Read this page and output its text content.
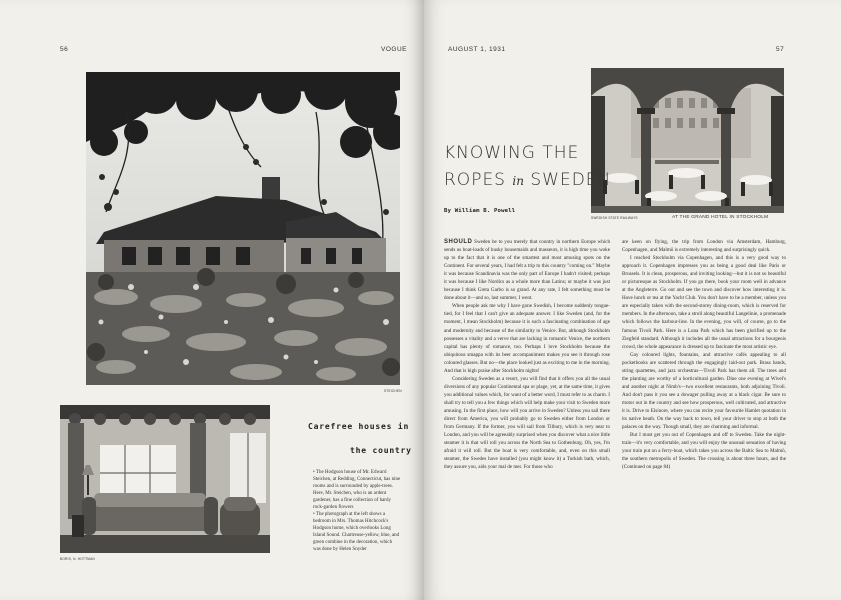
56	VOGUE
STEICHEN
BORIS, N. HOTTMAN
Carefree houses in
the country

• The Hodgson house of Mr. Edward Steichen, at Redding, Connecticut, has nine rooms and is surrounded by apple-trees. Here, Mr. Steichen, who is an ardent gardener, has a fine collection of hardy rock-garden flowers

• The photograph at the left shows a bedroom in Mrs. Thomas Hitchcock's Hodgson home, which overlooks Long Island Sound. Chartreuse-yellow, blue, and green combine in the decoration, which was done by Helen Snyder

AUGUST 1, 1931	57
SWEDISH STATE RAILWAYS	AT THE GRAND HOTEL IN STOCKHOLM
KNOWING THE
ROPES in SWEDEN
By William B. Powell

SHOULD Sweden be to you merely that country in northern Europe which sends us boat-loads of husky housemaids and masseurs, it is high time you woke up to the fact that it is one of the smartest and most amusing spots on the Continent. For several years, I had felt a trip to this country "coming on." Maybe it was because Scandinavia was the only part of Europe I hadn't visited; perhaps it was because I like Nordics as a whole more than Latins; or maybe it was just because I think Greta Garbo is so grand. At any rate, I felt something must be done about it—and so, last summer, I went.

When people ask me why I have gone Swedish, I become suddenly tongue-tied, for I feel that I can't give an adequate answer. I like Sweden (and, for the moment, I mean Stockholm) because it is such a fascinating combination of age and modernity and because of the similarity to Venice. But, although Stockholm possesses a vitality and a verve that are lacking in romantic Venice, the northern capital has plenty of romance, too. Perhaps I love Stockholm because the ubiquitous smappa with its beer accompaniment makes you see it through rose coloured glasses. But no—the place looked just as exciting to me in the morning. And that is high praise after Stockholm nights!

Considering Sweden as a resort, you will find that it offers you all the usual diversions of any popular Continental spa or plage, yet, at the same time, it gives you additional values which, for want of a better word, I must refer to as charm. I shall try to tell you a few things which will help make your visit to Sweden more amusing. In the first place, how will you arrive in Sweden? Unless you sail there direct from America, you will probably go to Sweden either from London or from Germany. If the former, you will sail from Tilbury, which is very near to London, and you will be agreeably surprised when you discover what a nice little steamer it is that will roll you across the North Sea to Gothenburg. Oh, yes, I'm afraid it will roll. But the boat is very comfortable, and, even on this small steamer, the Swedes have installed (you might know it) a Turkish bath, which, they assure you, aids your mal de mer. For those who

are keen on flying, the trip from London via Amsterdam, Hamburg, Copenhagen, and Malmö is extremely interesting and surprisingly quick.

I reached Stockholm via Copenhagen, and this is a very good way to approach it. Copenhagen impresses you as being a good deal like Paris or Brussels. It is clean, prosperous, and inviting looking—but it is not so beautiful or picturesque as Stockholm. If you go there, book your room well in advance at the Angleterre. Go out and see the town and discover how interesting it is. Have lunch or tea at the Yacht Club. You don't have to be a member, unless you are especially taken with the second-storey dining-room, which is reserved for members. In the afternoon, take a stroll along beautiful Langelinie, a promenade which follows the harbour-line. In the evening, you will, of course, go to the famous Tivoli Park. Here is a Luna Park which has been glorified up to the Ziegfeld standard. Although it includes all the usual attractions for a bourgeois crowd, the whole appearance is dressed up to fascinate the most artistic eye.

Gay coloured lights, fountains, and attractive cafés appealing to all pocketbooks are scattered through the engagingly laid-out park. Brass bands, string quartettes, and jazz orchestras—Tivoli Park has them all. The trees and the planting are worthy of a horticultural garden. Dine one evening at Wivel's and another night at Nimb's—two excellent restaurants, both adjoining Tivoli. And don't pass it you see a dowager pulling away at a black cigar. Be sure to motor out in the country and see how prosperous, well cultivated, and attractive it is. Drive to Elsinore, where you can recite your favourite Hamlet quotation in its native heath. On the way back to town, tell your driver to stop at both the palaces on the way. Though small, they are charming and informal.

But I must get you out of Copenhagen and off to Sweden. Take the night-train—it's very comfortable, and you will enjoy the unusual sensation of having your train put on a ferry-boat, which takes you across the Baltic Sea to Malmö, the southern metropolis of Sweden. The crossing is about three hours, and the (Continued on page 84)
